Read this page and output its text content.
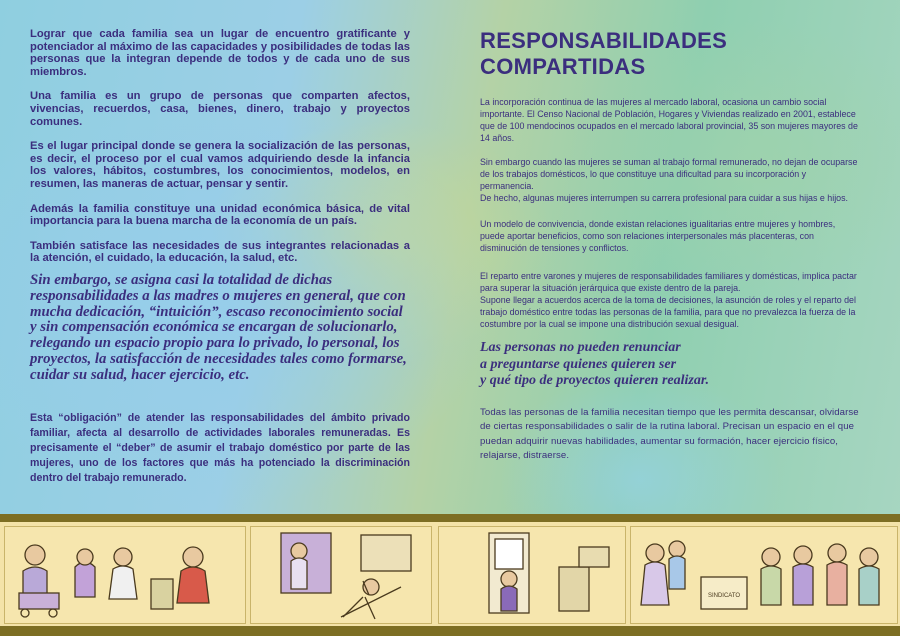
Lograr que cada familia sea un lugar de encuentro gratificante y potenciador al máximo de las capacidades y posibilidades de todas las personas que la integran depende de todos y de cada uno de sus miembros.

Una familia es un grupo de personas que comparten afectos, vivencias, recuerdos, casa, bienes, dinero, trabajo y proyectos comunes.

Es el lugar principal donde se genera la socialización de las personas, es decir, el proceso por el cual vamos adquiriendo desde la infancia los valores, hábitos, costumbres, los conocimientos, modelos, en resumen, las maneras de actuar, pensar y sentir.

Además la familia constituye una unidad económica básica, de vital importancia para la buena marcha de la economía de un país.

También satisface las necesidades de sus integrantes relacionadas a la atención, el cuidado, la educación, la salud, etc.

Sin embargo, se asigna casi la totalidad de dichas responsabilidades a las madres o mujeres en general, que con mucha dedicación, “intuición”, escaso reconocimiento social y sin compensación económica se encargan de solucionarlo, relegando un espacio propio para lo privado, lo personal, los proyectos, la satisfacción de necesidades tales como formarse, cuidar su salud, hacer ejercicio, etc.

Esta “obligación” de atender las responsabilidades del ámbito privado familiar, afecta al desarrollo de actividades laborales remuneradas. Es precisamente el “deber” de asumir el trabajo doméstico por parte de las mujeres, uno de los factores que más ha potenciado la discriminación dentro del trabajo remunerado.

RESPONSABILIDADES COMPARTIDAS

La incorporación continua de las mujeres al mercado laboral, ocasiona un cambio social importante. El Censo Nacional de Población, Hogares y Viviendas realizado en 2001, establece que de 100 mendocinos ocupados en el mercado laboral provincial, 35 son mujeres mayores de 14 años.

Sin embargo cuando las mujeres se suman al trabajo formal remunerado, no dejan de ocuparse de los trabajos domésticos, lo que constituye una dificultad para su incorporación y permanencia.
De hecho, algunas mujeres interrumpen su carrera profesional para cuidar a sus hijas e hijos.

Un modelo de convivencia, donde existan relaciones igualitarias entre mujeres y hombres, puede aportar beneficios, como son relaciones interpersonales más placenteras, con disminución de tensiones y conflictos.

El reparto entre varones y mujeres de responsabilidades familiares y domésticas, implica pactar para superar la situación jerárquica que existe dentro de la pareja.
Supone llegar a acuerdos acerca de la toma de decisiones, la asunción de roles y el reparto del trabajo doméstico entre todas las personas de la familia, para que no prevalezca la fuerza de la costumbre por la cual se impone una distribución sexual desigual.

Las personas no pueden renunciar
a preguntarse quienes quieren ser
y qué tipo de proyectos quieren realizar.

Todas las personas de la familia necesitan tiempo que les permita descansar, olvidarse de ciertas responsabilidades o salir de la rutina laboral. Precisan un espacio en el que puedan adquirir nuevas habilidades, aumentar su formación, hacer ejercicio físico, relajarse, distraerse.

SINDICATO
